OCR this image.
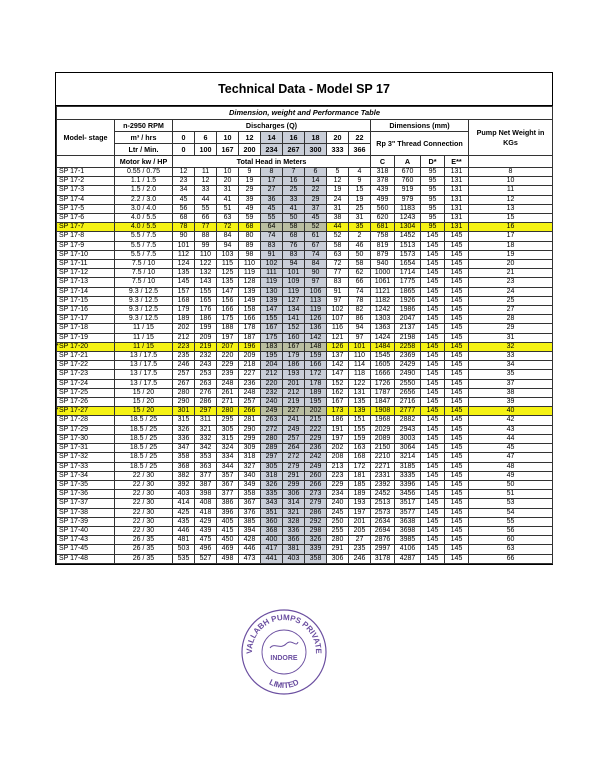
Technical Data - Model SP 17
Dimension, weight and Performance Table															
Model- stage	n-2950 RPM	Discharges (Q)									Dimensions (mm)				Pump Net Weight in KGs
	m³ / hrs	0	6	10	12	14	16	18	20	22	Rp 3" Thread Connection				
	Ltr / Min.	0	100	167	200	234	267	300	333	366					
	Motor kw / HP	Total Head in Meters									C	A	D*	E**	
SP 17-1	0.55 / 0.75	12	11	10	9	8	7	6	5	4	318	670	95	131	8
SP 17-2	1.1 / 1.5	23	12	20	19	17	16	14	12	9	378	760	95	131	10
SP 17-3	1.5 / 2.0	34	33	31	29	27	25	22	19	15	439	919	95	131	11
SP 17-4	2.2 / 3.0	45	44	41	39	36	33	29	24	19	499	979	95	131	12
SP 17-5	3.0 / 4.0	56	55	51	49	45	41	37	31	25	560	1183	95	131	13
SP 17-6	4.0 / 5.5	68	66	63	59	55	50	45	38	31	620	1243	95	131	15
SP 17-7	4.0 / 5.5	78	77	72	68	64	58	52	44	35	681	1304	95	131	16
SP 17-8	5.5 / 7.5	90	88	84	80	74	68	61	52	2	758	1452	145	145	17
SP 17-9	5.5 / 7.5	101	99	94	89	83	76	67	58	46	819	1513	145	145	18
SP 17-10	5.5 / 7.5	112	110	103	98	91	83	74	63	50	879	1573	145	145	19
SP 17-11	7.5 / 10	124	122	115	110	102	94	84	72	58	940	1654	145	145	20
SP 17-12	7.5 / 10	135	132	125	119	111	101	90	77	62	1000	1714	145	145	21
SP 17-13	7.5 / 10	145	143	135	128	119	109	97	83	66	1061	1775	145	145	23
SP 17-14	9.3 / 12.5	157	155	147	139	130	119	106	91	74	1121	1865	145	145	24
SP 17-15	9.3 / 12.5	168	165	156	149	139	127	113	97	78	1182	1926	145	145	25
SP 17-16	9.3 / 12.5	179	176	166	158	147	134	119	102	82	1242	1986	145	145	27
SP 17-17	9.3 / 12.5	189	186	175	166	155	141	126	107	86	1303	2047	145	145	28
SP 17-18	11 / 15	202	199	188	178	167	152	136	116	94	1363	2137	145	145	29
SP 17-19	11 / 15	212	209	197	187	175	160	142	121	97	1424	2198	145	145	31

* SP 17-20	11 / 15	223	219	207	196	183	167	148	126	101	1484	2258	145	145	32
SP 17-21	13 / 17.5	235	232	220	209	195	179	159	137	110	1545	2369	145	145	33
SP 17-22	13 / 17.5	246	243	229	218	204	186	166	142	114	1605	2429	145	145	34
SP 17-23	13 / 17.5	257	253	239	227	212	193	172	147	118	1666	2490	145	145	35
SP 17-24	13 / 17.5	267	263	248	236	220	201	178	152	122	1726	2550	145	145	37
SP 17-25	15 / 20	280	276	261	248	232	212	189	162	131	1787	2656	145	145	38
SP 17-26	15 / 20	290	286	271	257	240	219	195	167	135	1847	2716	145	145	39

* SP 17-27	15 / 20	301	297	280	266	249	227	202	173	139	1908	2777	145	145	40
SP 17-28	18.5 / 25	315	311	295	281	263	241	215	186	151	1968	2882	145	145	42
SP 17-29	18.5 / 25	326	321	305	290	272	249	222	191	155	2029	2943	145	145	43
SP 17-30	18.5 / 25	336	332	315	299	280	257	229	197	159	2089	3003	145	145	44
SP 17-31	18.5 / 25	347	342	324	309	289	264	236	202	163	2150	3064	145	145	45
SP 17-32	18.5 / 25	358	353	334	318	297	272	242	208	168	2210	3214	145	145	47
SP 17-33	18.5 / 25	368	363	344	327	305	279	249	213	172	2271	3185	145	145	48
SP 17-34	22 / 30	382	377	357	340	318	291	260	223	181	2331	3335	145	145	49
SP 17-35	22 / 30	392	387	367	349	326	299	266	229	185	2392	3396	145	145	50
SP 17-36	22 / 30	403	398	377	358	335	306	273	234	189	2452	3456	145	145	51
SP 17-37	22 / 30	414	408	386	367	343	314	279	240	193	2513	3517	145	145	53
SP 17-38	22 / 30	425	418	396	376	351	321	286	245	197	2573	3577	145	145	54
SP 17-39	22 / 30	435	429	405	385	360	328	292	250	201	2634	3638	145	145	55
SP 17-40	22 / 30	446	439	415	394	368	336	298	255	205	2694	3698	145	145	56
SP 17-43	26 / 35	481	475	450	428	400	366	326	280	27	2876	3985	145	145	60
SP 17-45	26 / 35	503	496	469	446	417	381	339	291	235	2997	4106	145	145	63
SP 17-48	26 / 35	535	527	498	473	441	403	358	306	246	3178	4287	145	145	66
VALLABH PUMPS PRIVATE
LIMITED
INDORE
